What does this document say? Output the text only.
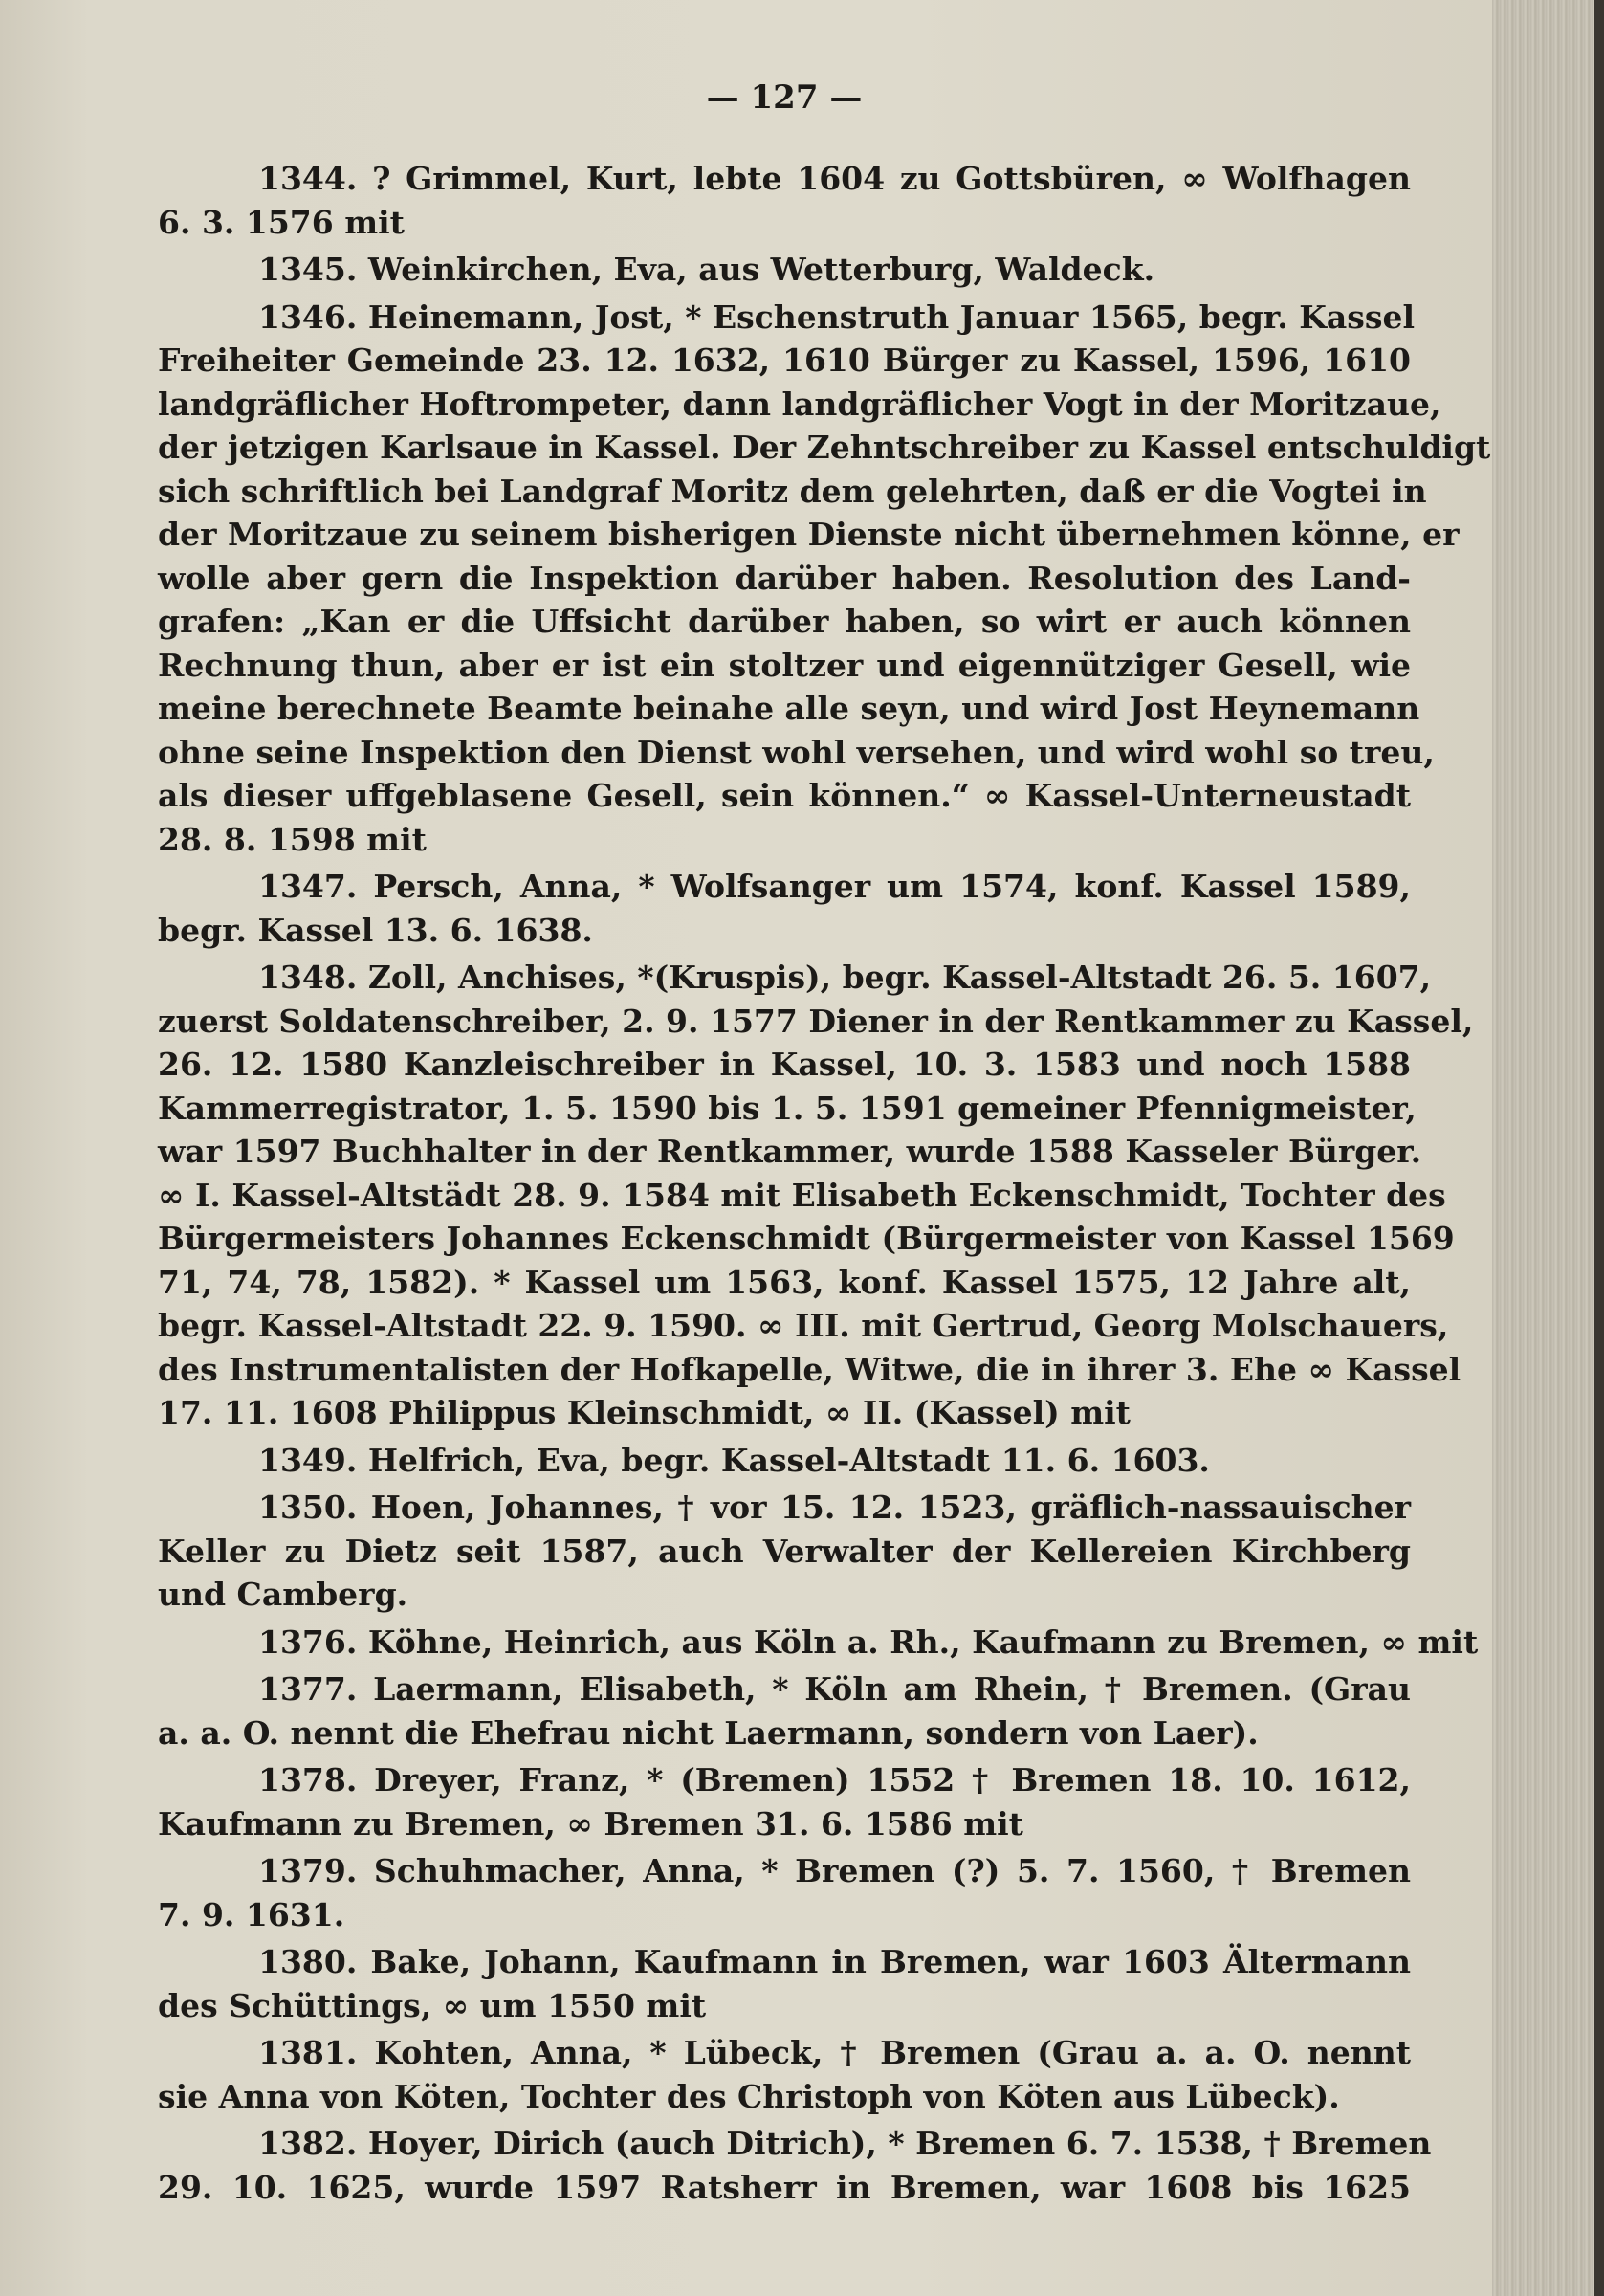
— 127 —
1344. ? Grimmel, Kurt, lebte 1604 zu Gottsbüren, ∞ Wolfhagen
6. 3. 1576 mit
1345. Weinkirchen, Eva, aus Wetterburg, Waldeck.
1346. Heinemann, Jost, * Eschenstruth Januar 1565, begr. Kassel
Freiheiter Gemeinde 23. 12. 1632, 1610 Bürger zu Kassel, 1596, 1610
landgräflicher Hoftrompeter, dann landgräflicher Vogt in der Moritzaue,
der jetzigen Karlsaue in Kassel. Der Zehntschreiber zu Kassel entschuldigt
sich schriftlich bei Landgraf Moritz dem gelehrten, daß er die Vogtei in
der Moritzaue zu seinem bisherigen Dienste nicht übernehmen könne, er
wolle aber gern die Inspektion darüber haben. Resolution des Land-
grafen: „Kan er die Uffsicht darüber haben, so wirt er auch können
Rechnung thun, aber er ist ein stoltzer und eigennütziger Gesell, wie
meine berechnete Beamte beinahe alle seyn, und wird Jost Heynemann
ohne seine Inspektion den Dienst wohl versehen, und wird wohl so treu,
als dieser uffgeblasene Gesell, sein können.“ ∞ Kassel-Unterneustadt
28. 8. 1598 mit
1347. Persch, Anna, * Wolfsanger um 1574, konf. Kassel 1589,
begr. Kassel 13. 6. 1638.
1348. Zoll, Anchises, *(Kruspis), begr. Kassel-Altstadt 26. 5. 1607,
zuerst Soldatenschreiber, 2. 9. 1577 Diener in der Rentkammer zu Kassel,
26. 12. 1580 Kanzleischreiber in Kassel, 10. 3. 1583 und noch 1588
Kammerregistrator, 1. 5. 1590 bis 1. 5. 1591 gemeiner Pfennigmeister,
war 1597 Buchhalter in der Rentkammer, wurde 1588 Kasseler Bürger.
∞ I. Kassel-Altstädt 28. 9. 1584 mit Elisabeth Eckenschmidt, Tochter des
Bürgermeisters Johannes Eckenschmidt (Bürgermeister von Kassel 1569
71, 74, 78, 1582). * Kassel um 1563, konf. Kassel 1575, 12 Jahre alt,
begr. Kassel-Altstadt 22. 9. 1590. ∞ III. mit Gertrud, Georg Molschauers,
des Instrumentalisten der Hofkapelle, Witwe, die in ihrer 3. Ehe ∞ Kassel
17. 11. 1608 Philippus Kleinschmidt, ∞ II. (Kassel) mit
1349. Helfrich, Eva, begr. Kassel-Altstadt 11. 6. 1603.
1350. Hoen, Johannes, † vor 15. 12. 1523, gräflich-nassauischer
Keller zu Dietz seit 1587, auch Verwalter der Kellereien Kirchberg
und Camberg.
1376. Köhne, Heinrich, aus Köln a. Rh., Kaufmann zu Bremen, ∞ mit
1377. Laermann, Elisabeth, * Köln am Rhein, † Bremen. (Grau
a. a. O. nennt die Ehefrau nicht Laermann, sondern von Laer).
1378. Dreyer, Franz, * (Bremen) 1552 † Bremen 18. 10. 1612,
Kaufmann zu Bremen, ∞ Bremen 31. 6. 1586 mit
1379. Schuhmacher, Anna, * Bremen (?) 5. 7. 1560, † Bremen
7. 9. 1631.
1380. Bake, Johann, Kaufmann in Bremen, war 1603 Ältermann
des Schüttings, ∞ um 1550 mit
1381. Kohten, Anna, * Lübeck, † Bremen (Grau a. a. O. nennt
sie Anna von Köten, Tochter des Christoph von Köten aus Lübeck).
1382. Hoyer, Dirich (auch Ditrich), * Bremen 6. 7. 1538, † Bremen
29. 10. 1625, wurde 1597 Ratsherr in Bremen, war 1608 bis 1625
